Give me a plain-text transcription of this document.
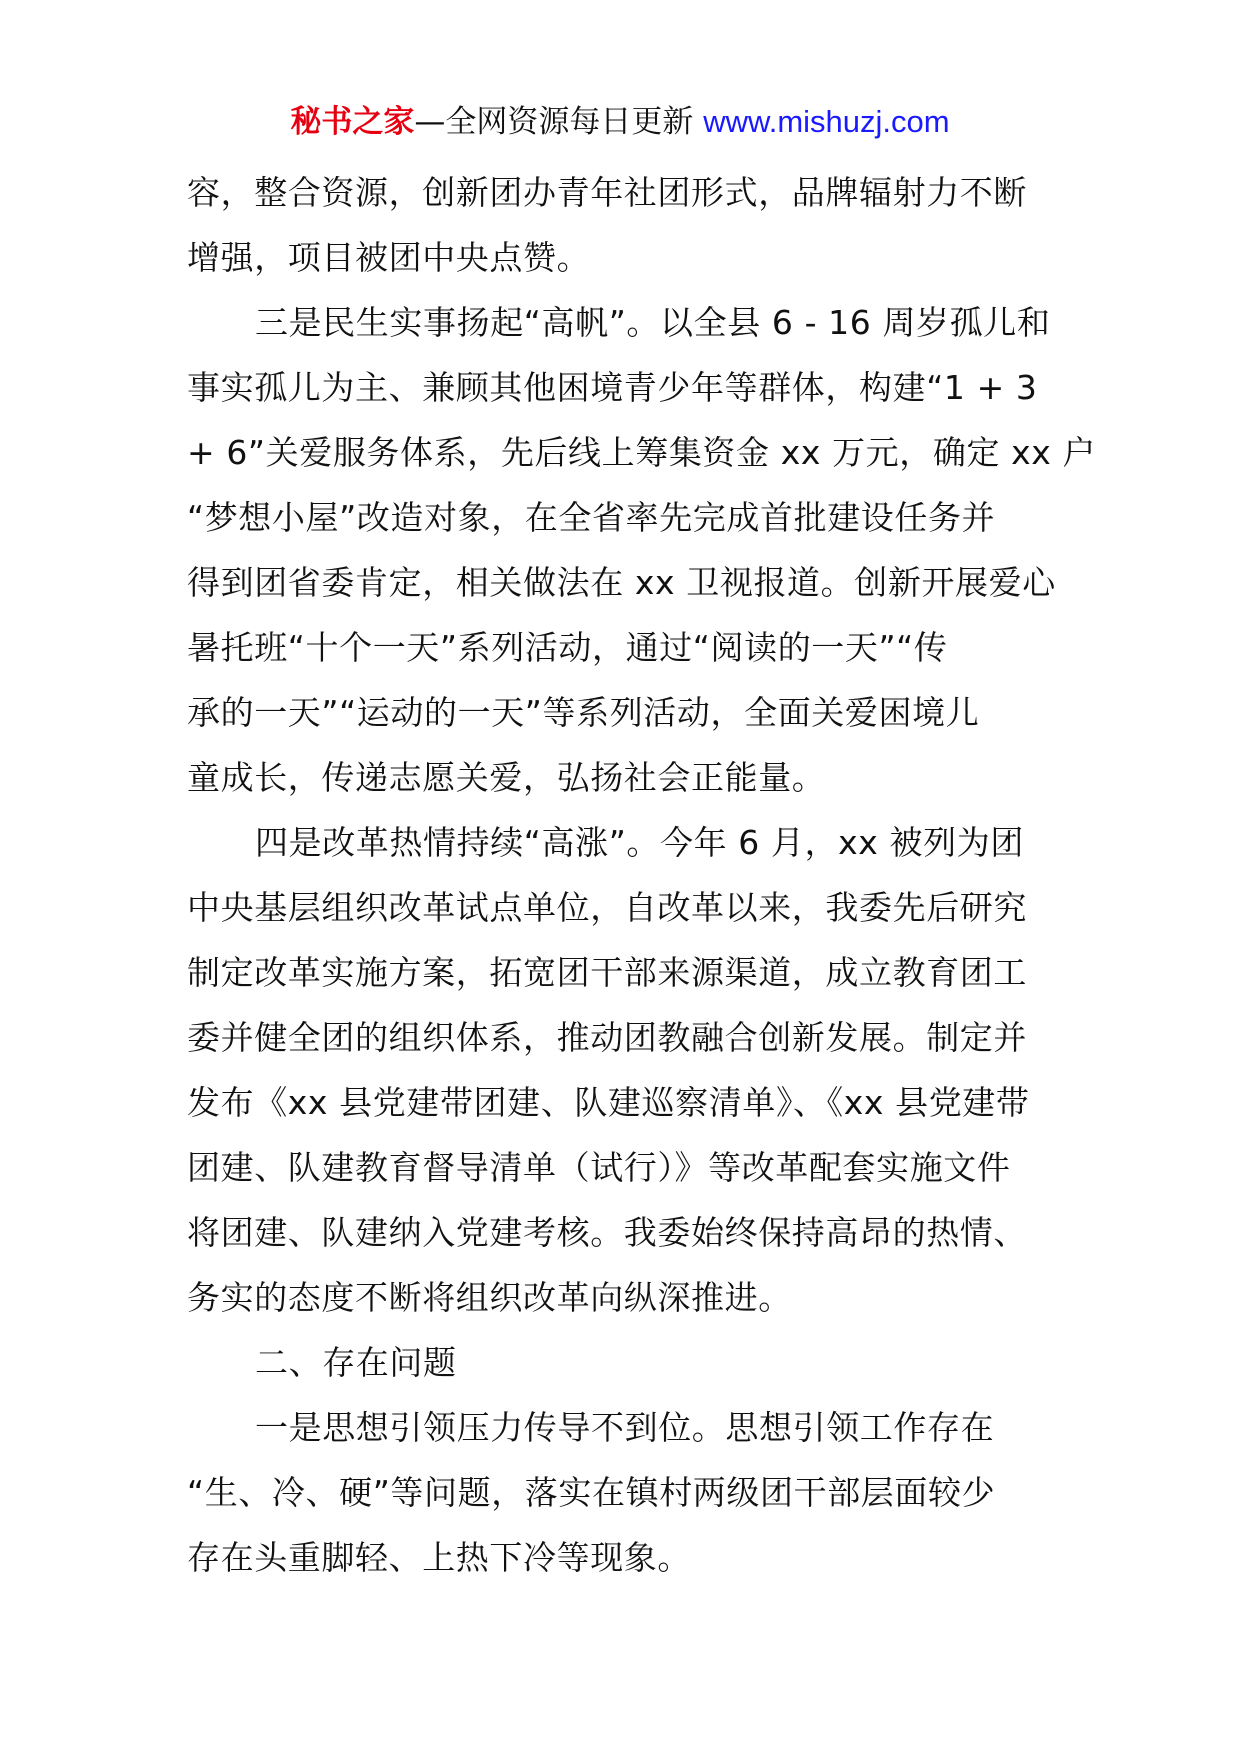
秘书之家—全网资源每日更新 www.mishuzj.com
容，整合资源，创新团办青年社团形式，品牌辐射力不断
增强，项目被团中央点赞。
三是民生实事扬起“高帆”。以全县 6 - 16 周岁孤儿和
事实孤儿为主、兼顾其他困境青少年等群体，构建“1 + 3
+ 6”关爱服务体系，先后线上筹集资金 xx 万元，确定 xx 户
“梦想小屋”改造对象，在全省率先完成首批建设任务并
得到团省委肯定，相关做法在 xx 卫视报道。创新开展爱心
暑托班“十个一天”系列活动，通过“阅读的一天”“传
承的一天”“运动的一天”等系列活动，全面关爱困境儿
童成长，传递志愿关爱，弘扬社会正能量。
四是改革热情持续“高涨”。今年 6 月，xx 被列为团
中央基层组织改革试点单位，自改革以来，我委先后研究
制定改革实施方案，拓宽团干部来源渠道，成立教育团工
委并健全团的组织体系，推动团教融合创新发展。制定并
发布《xx 县党建带团建、队建巡察清单》、《xx 县党建带
团建、队建教育督导清单（试行）》等改革配套实施文件
将团建、队建纳入党建考核。我委始终保持高昂的热情、
务实的态度不断将组织改革向纵深推进。
二、存在问题
一是思想引领压力传导不到位。思想引领工作存在
“生、冷、硬”等问题，落实在镇村两级团干部层面较少
存在头重脚轻、上热下冷等现象。
